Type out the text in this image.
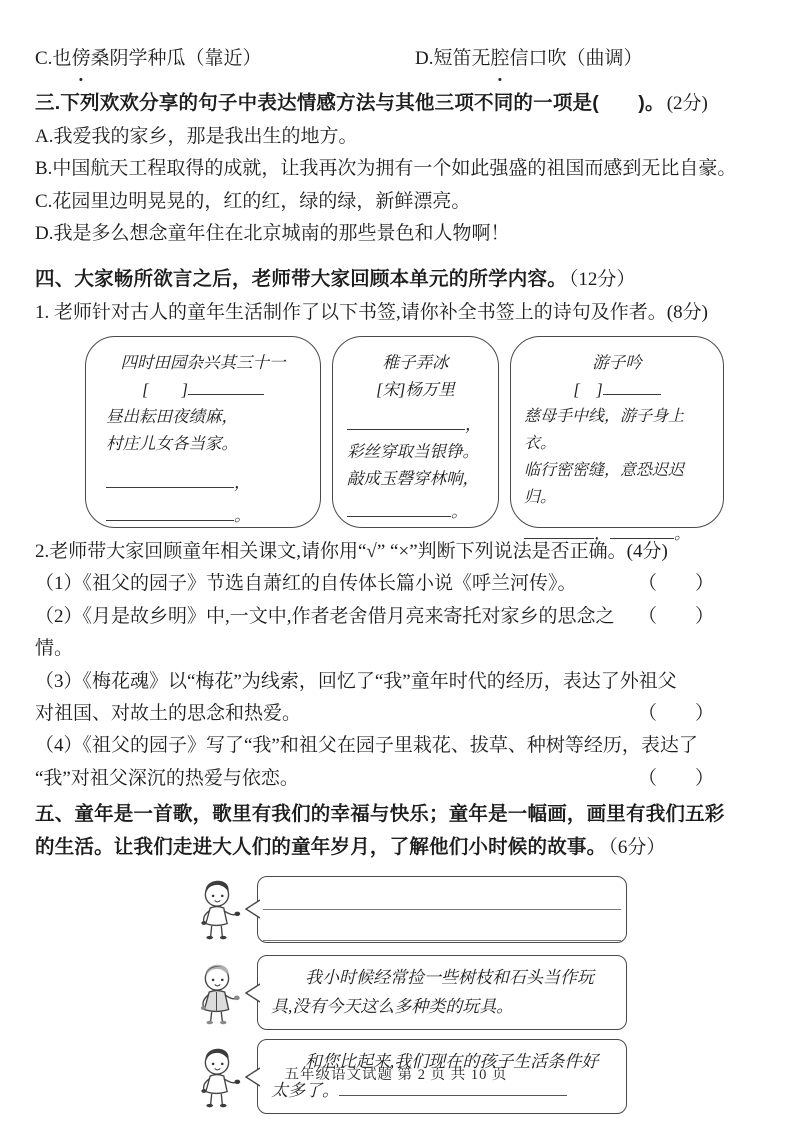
C.也傍桑阴学种瓜（靠近）	D.短笛无腔信口吹（曲调）
三.下列欢欢分享的句子中表达情感方法与其他三项不同的一项是(　　)。 (2分)
A.我爱我的家乡，那是我出生的地方。
B.中国航天工程取得的成就，让我再次为拥有一个如此强盛的祖国而感到无比自豪。
C.花园里边明晃晃的，红的红，绿的绿，新鲜漂亮。
D.我是多么想念童年住在北京城南的那些景色和人物啊！
四、大家畅所欲言之后，老师带大家回顾本单元的所学内容。 （12分）
1. 老师针对古人的童年生活制作了以下书签,请你补全书签上的诗句及作者。(8分)
四时田园杂兴其三十一
[　　]
昼出耘田夜绩麻，
村庄儿女各当家。
，
。
稚子弄冰
[宋]杨万里
，
彩丝穿取当银铮。
敲成玉磬穿林响，
。
游子吟
[　]
慈母手中线，游子身上衣。
临行密密缝，意恐迟迟归。
，	。
2.老师带大家回顾童年相关课文,请你用“√” “×”判断下列说法是否正确。(4分)
（1）《祖父的园子》节选自萧红的自传体长篇小说《呼兰河传》。	（　　）
（2）《月是故乡明》中,一文中,作者老舍借月亮来寄托对家乡的思念之情。
（　　）
（3）《梅花魂》以“梅花”为线索，回忆了“我”童年时代的经历，表达了外祖父
对祖国、对故土的思念和热爱。	（　　）
（4）《祖父的园子》写了“我”和祖父在园子里栽花、拔草、种树等经历，表达了
“我”对祖父深沉的热爱与依恋。	（　　）
五、童年是一首歌，歌里有我们的幸福与快乐；童年是一幅画，画里有我们五彩
的生活。让我们走进大人们的童年岁月，了解他们小时候的故事。 （6分）

我小时候经常捡一些树枝和石头当作玩具,没有今天这么多种类的玩具。

和您比起来,我们现在的孩子生活条件好太多了。

五年级语文试题 第 2 页 共 10 页
